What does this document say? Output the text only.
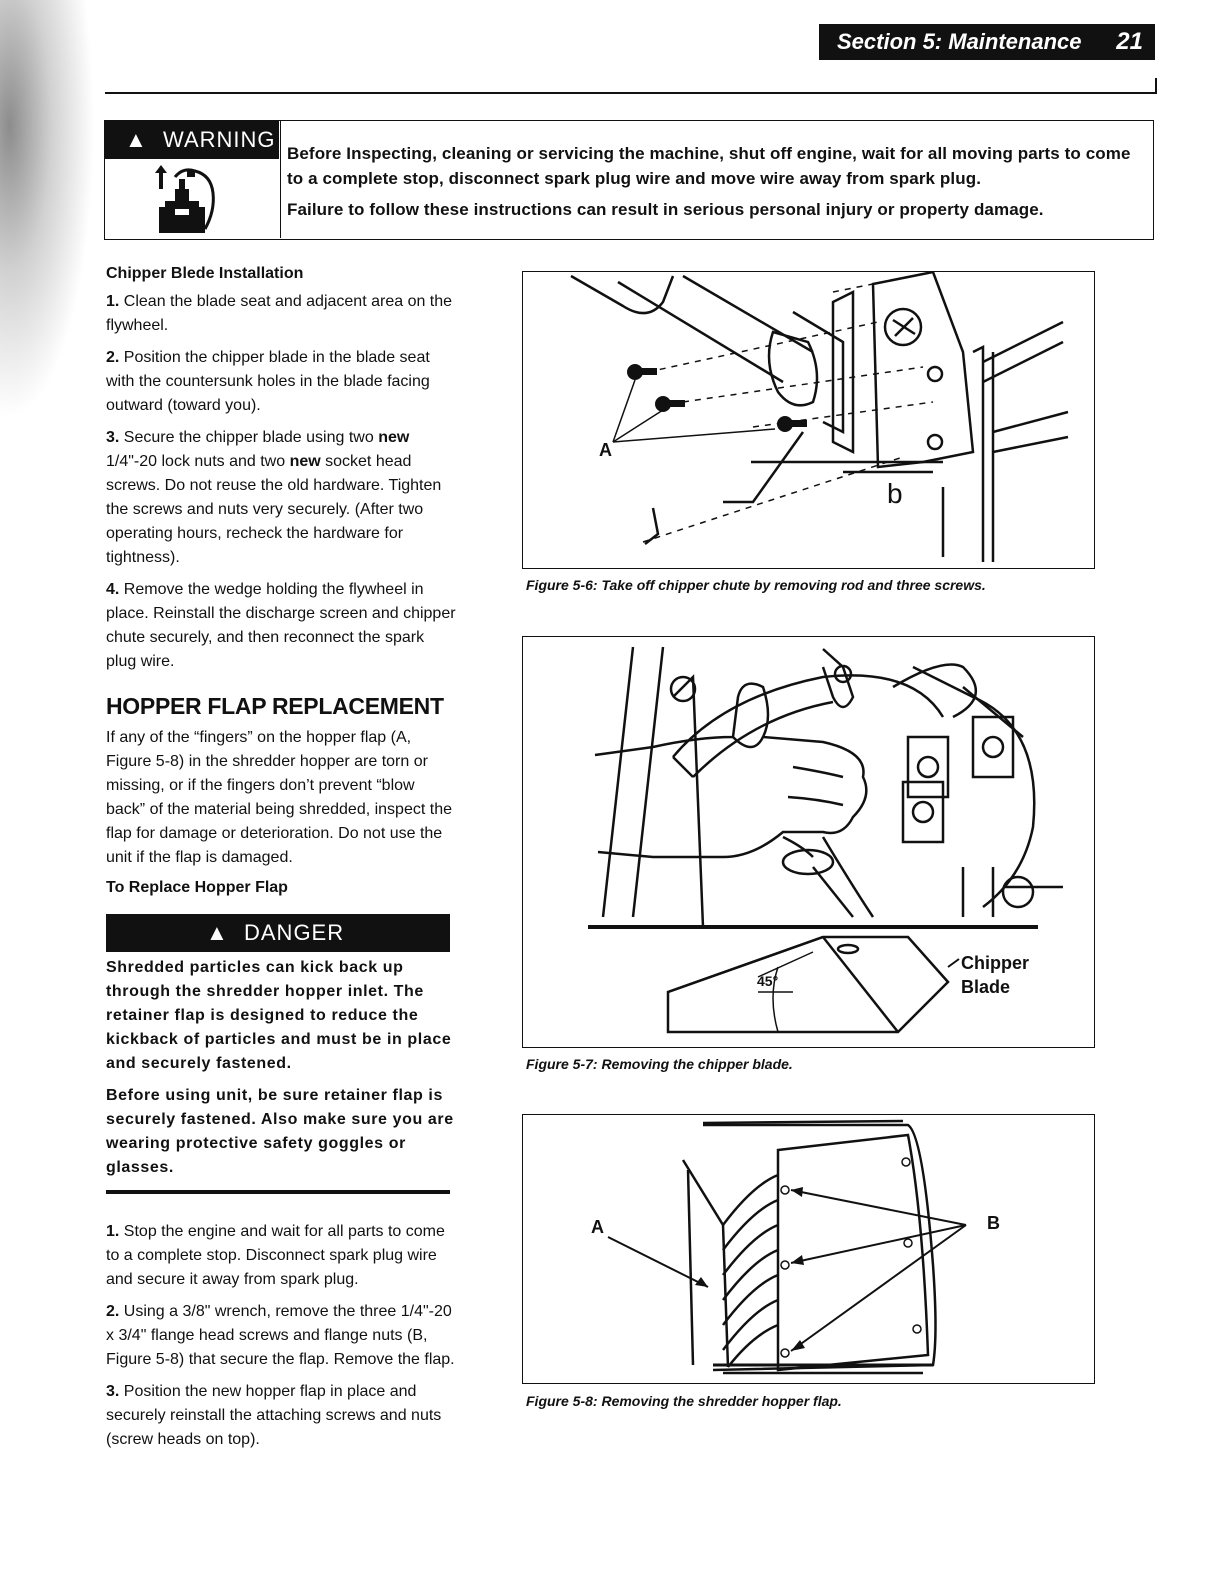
Section 5: Maintenance 21
▲ WARNING

Before Inspecting, cleaning or servicing the machine, shut off engine, wait for all moving parts to come to a complete stop, disconnect spark plug wire and move wire away from spark plug.

Failure to follow these instructions can result in serious personal injury or property damage.

Chipper Blede Installation

1. Clean the blade seat and adjacent area on the flywheel.

2. Position the chipper blade in the blade seat with the countersunk holes in the blade facing outward (toward you).

3. Secure the chipper blade using two new 1/4"-20 lock nuts and two new socket head screws. Do not reuse the old hardware. Tighten the screws and nuts very securely. (After two operating hours, recheck the hardware for tightness).

4. Remove the wedge holding the flywheel in place. Reinstall the discharge screen and chipper chute securely, and then reconnect the spark plug wire.

HOPPER FLAP REPLACEMENT

If any of the “fingers” on the hopper flap (A, Figure 5-8) in the shredder hopper are torn or missing, or if the fingers don’t prevent “blow back” of the material being shredded, inspect the flap for damage or deterioration. Do not use the unit if the flap is damaged.

To Replace Hopper Flap

▲ DANGER

Shredded particles can kick back up through the shredder hopper inlet. The retainer flap is designed to reduce the kickback of particles and must be in place and securely fastened.

Before using unit, be sure retainer flap is securely fastened. Also make sure you are wearing protective safety goggles or glasses.

1. Stop the engine and wait for all parts to come to a complete stop. Disconnect spark plug wire and secure it away from spark plug.

2. Using a 3/8" wrench, remove the three 1/4"-20 x 3/4" flange head screws and flange nuts (B, Figure 5-8) that secure the flap. Remove the flap.

3. Position the new hopper flap in place and securely reinstall the attaching screws and nuts (screw heads on top).

A
b
Figure 5-6: Take off chipper chute by removing rod and three screws.
45°
Chipper
Blade
Figure 5-7: Removing the chipper blade.
A	B
Figure 5-8: Removing the shredder hopper flap.
